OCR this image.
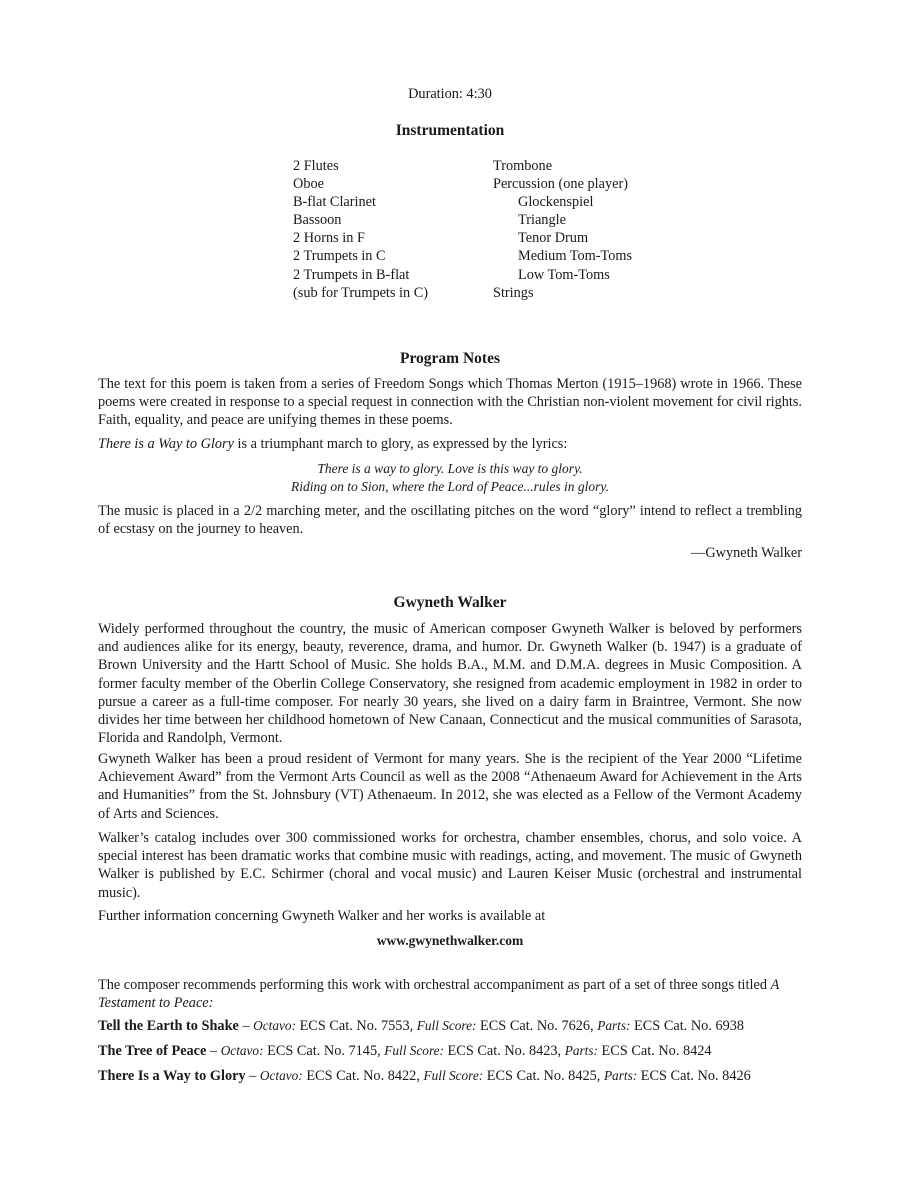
Duration: 4:30
Instrumentation
2 Flutes
Oboe
B-flat Clarinet
Bassoon
2 Horns in F
2 Trumpets in C
2 Trumpets in B-flat
(sub for Trumpets in C)
Trombone
Percussion (one player)
Glockenspiel
Triangle
Tenor Drum
Medium Tom-Toms
Low Tom-Toms
Strings
Program Notes
The text for this poem is taken from a series of Freedom Songs which Thomas Merton (1915–1968) wrote in 1966. These poems were created in response to a special request in connection with the Christian non-violent movement for civil rights. Faith, equality, and peace are unifying themes in these poems.
There is a Way to Glory is a triumphant march to glory, as expressed by the lyrics:
There is a way to glory. Love is this way to glory.
Riding on to Sion, where the Lord of Peace...rules in glory.
The music is placed in a 2/2 marching meter, and the oscillating pitches on the word “glory” intend to reflect a trembling of ecstasy on the journey to heaven.
—Gwyneth Walker
Gwyneth Walker
Widely performed throughout the country, the music of American composer Gwyneth Walker is beloved by performers and audiences alike for its energy, beauty, reverence, drama, and humor. Dr. Gwyneth Walker (b. 1947) is a graduate of Brown University and the Hartt School of Music. She holds B.A., M.M. and D.M.A. degrees in Music Composition. A former faculty member of the Oberlin College Conservatory, she resigned from academic employment in 1982 in order to pursue a career as a full-time composer. For nearly 30 years, she lived on a dairy farm in Braintree, Vermont. She now divides her time between her childhood hometown of New Canaan, Connecticut and the musical communities of Sarasota, Florida and Randolph, Vermont.
Gwyneth Walker has been a proud resident of Vermont for many years. She is the recipient of the Year 2000 “Lifetime Achievement Award” from the Vermont Arts Council as well as the 2008 “Athenaeum Award for Achievement in the Arts and Humanities” from the St. Johnsbury (VT) Athenaeum. In 2012, she was elected as a Fellow of the Vermont Academy of Arts and Sciences.
Walker’s catalog includes over 300 commissioned works for orchestra, chamber ensembles, chorus, and solo voice. A special interest has been dramatic works that combine music with readings, acting, and movement. The music of Gwyneth Walker is published by E.C. Schirmer (choral and vocal music) and Lauren Keiser Music (orchestral and instrumental music).
Further information concerning Gwyneth Walker and her works is available at
www.gwynethwalker.com
The composer recommends performing this work with orchestral accompaniment as part of a set of three songs titled A Testament to Peace:
Tell the Earth to Shake – Octavo: ECS Cat. No. 7553, Full Score: ECS Cat. No. 7626, Parts: ECS Cat. No. 6938
The Tree of Peace – Octavo: ECS Cat. No. 7145, Full Score: ECS Cat. No. 8423, Parts: ECS Cat. No. 8424
There Is a Way to Glory – Octavo: ECS Cat. No. 8422, Full Score: ECS Cat. No. 8425, Parts: ECS Cat. No. 8426
